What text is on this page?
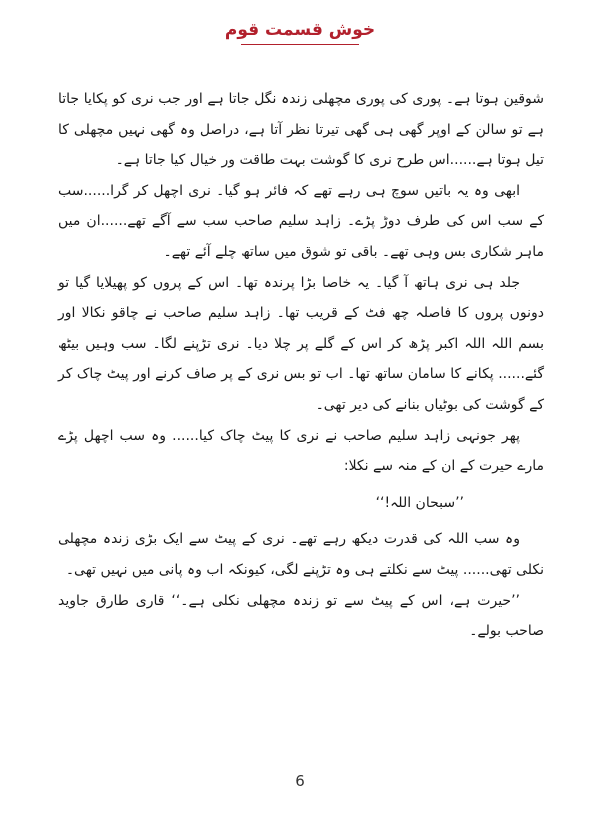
خوش قسمت قوم

شوقین ہوتا ہے۔ پوری کی پوری مچھلی زندہ نگل جاتا ہے اور جب نری کو پکایا جاتا ہے تو سالن کے اوپر گھی ہی گھی تیرتا نظر آتا ہے، دراصل وہ گھی نہیں مچھلی کا تیل ہوتا ہے......اس طرح نری کا گوشت بہت طاقت ور خیال کیا جاتا ہے۔

ابھی وہ یہ باتیں سوچ ہی رہے تھے کہ فائر ہو گیا۔ نری اچھل کر گرا......سب کے سب اس کی طرف دوڑ پڑے۔ زاہد سلیم صاحب سب سے آگے تھے......ان میں ماہر شکاری بس وہی تھے۔ باقی تو شوق میں ساتھ چلے آئے تھے۔

جلد ہی نری ہاتھ آ گیا۔ یہ خاصا بڑا پرندہ تھا۔ اس کے پروں کو پھیلایا گیا تو دونوں پروں کا فاصلہ چھ فٹ کے قریب تھا۔ زاہد سلیم صاحب نے چاقو نکالا اور بسم اللہ اللہ اکبر پڑھ کر اس کے گلے پر چلا دیا۔ نری تڑپنے لگا۔ سب وہیں بیٹھ گئے...... پکانے کا سامان ساتھ تھا۔ اب تو بس نری کے پر صاف کرنے اور پیٹ چاک کر کے گوشت کی بوٹیاں بنانے کی دیر تھی۔

پھر جونہی زاہد سلیم صاحب نے نری کا پیٹ چاک کیا...... وہ سب اچھل پڑے مارے حیرت کے ان کے منہ سے نکلا:

’’سبحان اللہ!‘‘

وہ سب اللہ کی قدرت دیکھ رہے تھے۔ نری کے پیٹ سے ایک بڑی زندہ مچھلی نکلی تھی...... پیٹ سے نکلتے ہی وہ تڑپنے لگی، کیونکہ اب وہ پانی میں نہیں تھی۔

’’حیرت ہے، اس کے پیٹ سے تو زندہ مچھلی نکلی ہے۔‘‘ قاری طارق جاوید صاحب بولے۔

6
